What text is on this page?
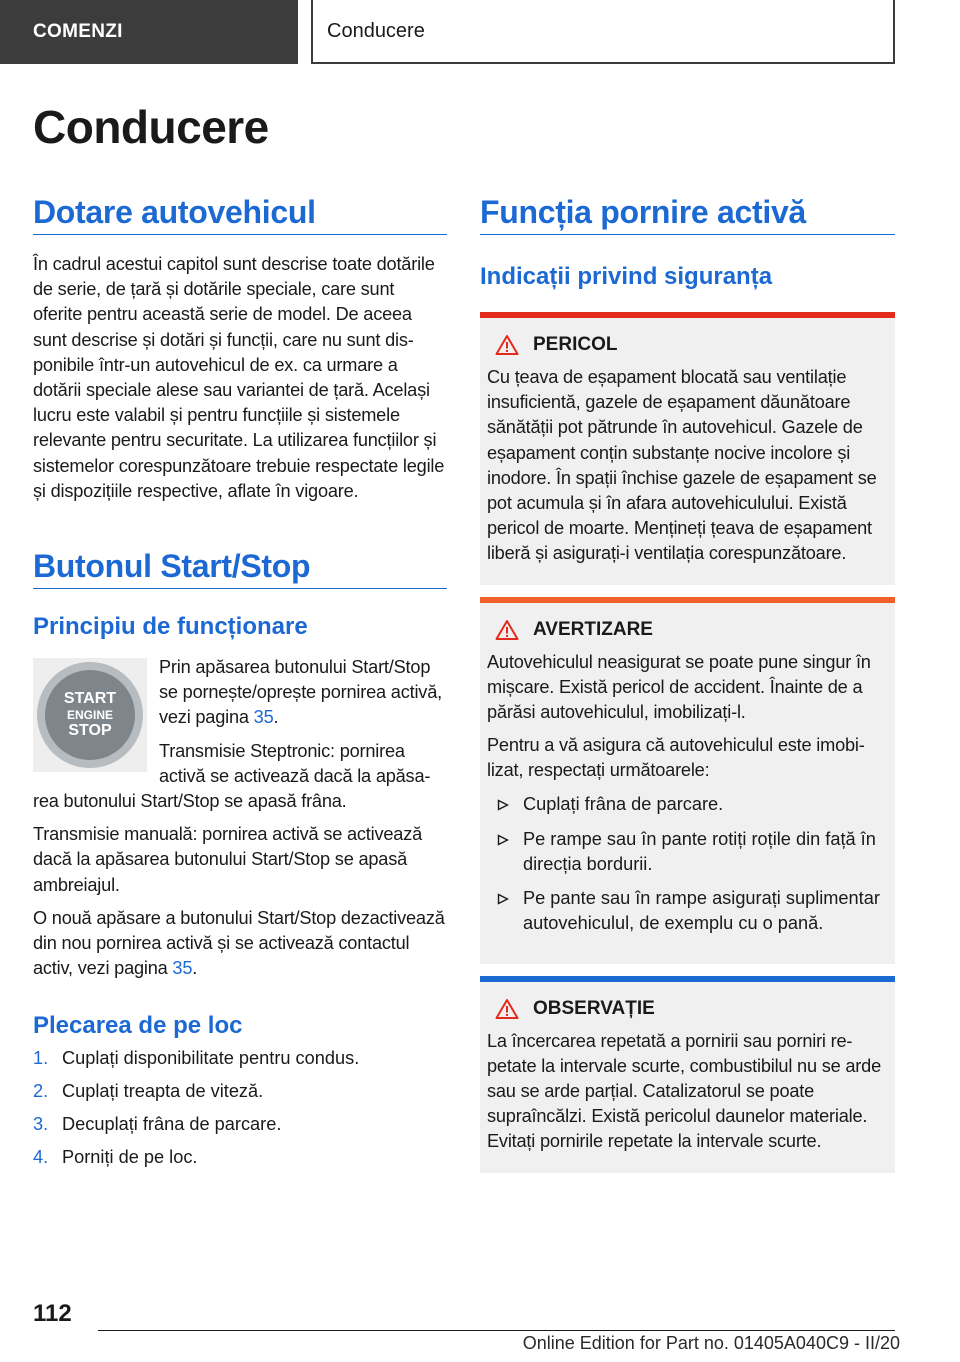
COMENZI	Conducere
Conducere
Dotare autovehicul

În cadrul acestui capitol sunt descrise toate dotările de serie, de țară și dotările speciale, care sunt oferite pentru această serie de model. De aceea sunt descrise și dotări și funcții, care nu sunt disponibile într-un autovehicul de ex. ca urmare a dotării speciale alese sau variantei de țară. Același lucru este valabil și pentru funcțiile și sistemele relevante pentru securitate. La utilizarea funcțiilor și sistemelor corespunzătoare trebuie respectate legile și dispozițiile respective, aflate în vigoare.

Butonul Start/Stop
Principiu de funcționare
START
ENGINE
STOP

Prin apăsarea butonului Start/Stop se pornește/oprește pornirea activă, vezi pagina 35.

Transmisie Steptronic: pornirea activă se activează dacă la apăsarea butonului Start/Stop se apasă frâna.

Transmisie manuală: pornirea activă se activează dacă la apăsarea butonului Start/Stop se apasă ambreiajul.

O nouă apăsare a butonului Start/Stop dezactivează din nou pornirea activă și se activează contactul activ, vezi pagina 35.

Plecarea de pe loc
1. Cuplați disponibilitate pentru condus.
2. Cuplați treapta de viteză.
3. Decuplați frâna de parcare.
4. Porniți de pe loc.
Funcția pornire activă
Indicații privind siguranța
PERICOL

Cu țeava de eșapament blocată sau ventilație insuficientă, gazele de eșapament dăunătoare sănătății pot pătrunde în autovehicul. Gazele de eșapament conțin substanțe nocive incolore și inodore. În spații închise gazele de eșapament se pot acumula și în afara autovehiculului. Există pericol de moarte. Mențineți țeava de eșapament liberă și asigurați-i ventilația corespunzătoare.

AVERTIZARE

Autovehiculul neasigurat se poate pune singur în mișcare. Există pericol de accident. Înainte de a părăsi autovehiculul, imobilizați-l.

Pentru a vă asigura că autovehiculul este imobilizat, respectați următoarele:

Cuplați frâna de parcare.
Pe rampe sau în pante rotiți roțile din față în direcția bordurii.
Pe pante sau în rampe asigurați suplimentar autovehiculul, de exemplu cu o pană.
OBSERVAȚIE

La încercarea repetată a pornirii sau porniri repetate la intervale scurte, combustibilul nu se arde sau se arde parțial. Catalizatorul se poate supraîncălzi. Există pericolul daunelor materiale. Evitați pornirile repetate la intervale scurte.

112
Online Edition for Part no. 01405A040C9 - II/20
